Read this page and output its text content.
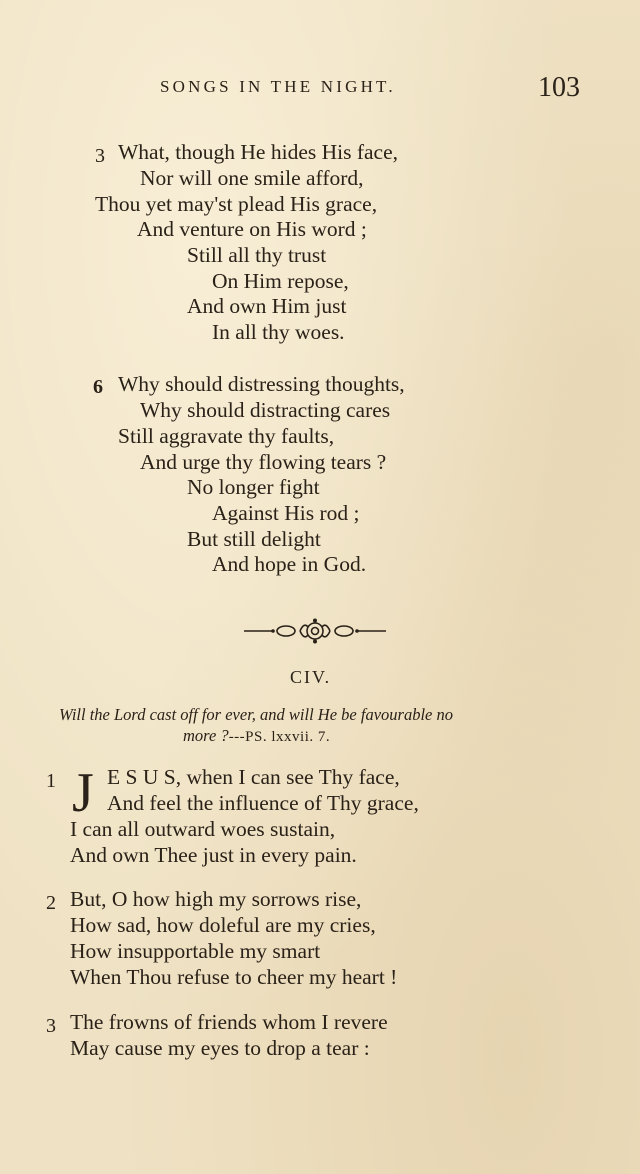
SONGS IN THE NIGHT.	103
3 What, though He hides His face,
Nor will one smile afford,
Thou yet may'st plead His grace,
And venture on His word ;
Still all thy trust
On Him repose,
And own Him just
In all thy woes.
6 Why should distressing thoughts,
Why should distracting cares
Still aggravate thy faults,
And urge thy flowing tears ?
No longer fight
Against His rod ;
But still delight
And hope in God.
CIV.
Will the Lord cast off for ever, and will He be favourable no
more ?---PS. lxxvii. 7.
1 J E S U S, when I can see Thy face,
And feel the influence of Thy grace,
I can all outward woes sustain,
And own Thee just in every pain.
2 But, O how high my sorrows rise,
How sad, how doleful are my cries,
How insupportable my smart
When Thou refuse to cheer my heart !
3 The frowns of friends whom I revere
May cause my eyes to drop a tear :
